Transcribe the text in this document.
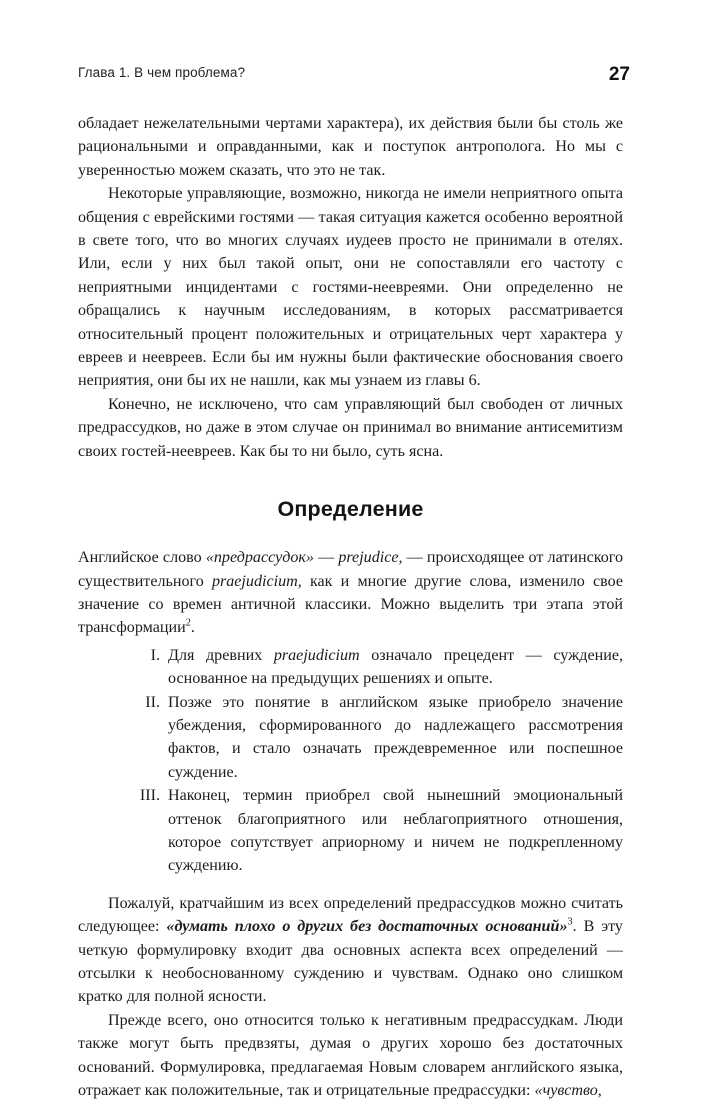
Глава 1. В чем проблема?	27

обладает нежелательными чертами характера), их действия были бы столь же рациональными и оправданными, как и поступок антрополога. Но мы с уверенностью можем сказать, что это не так.

Некоторые управляющие, возможно, никогда не имели неприятного опыта общения с еврейскими гостями — такая ситуация кажется особенно вероятной в свете того, что во многих случаях иудеев просто не принимали в отелях. Или, если у них был такой опыт, они не сопоставляли его частоту с неприятными инцидентами с гостями-неевреями. Они определенно не обращались к научным исследованиям, в которых рассматривается относительный процент положительных и отрицательных черт характера у евреев и неевреев. Если бы им нужны были фактические обоснования своего неприятия, они бы их не нашли, как мы узнаем из главы 6.

Конечно, не исключено, что сам управляющий был свободен от личных предрассудков, но даже в этом случае он принимал во внимание антисемитизм своих гостей-неевреев. Как бы то ни было, суть ясна.

Определение

Английское слово «предрассудок» — prejudice, — происходящее от латинского существительного praejudicium, как и многие другие слова, изменило свое значение со времен античной классики. Можно выделить три этапа этой трансформации$^2$.

I. Для древних praejudicium означало прецедент — суждение, основанное на предыдущих решениях и опыте.
II. Позже это понятие в английском языке приобрело значение убеждения, сформированного до надлежащего рассмотрения фактов, и стало означать преждевременное или поспешное суждение.
III. Наконец, термин приобрел свой нынешний эмоциональный оттенок благоприятного или неблагоприятного отношения, которое сопутствует априорному и ничем не подкрепленному суждению.

Пожалуй, кратчайшим из всех определений предрассудков можно считать следующее: «думать плохо о других без достаточных оснований»$^3$. В эту четкую формулировку входит два основных аспекта всех определений — отсылки к необоснованному суждению и чувствам. Однако оно слишком кратко для полной ясности.

Прежде всего, оно относится только к негативным предрассудкам. Люди также могут быть предвзяты, думая о других хорошо без достаточных оснований. Формулировка, предлагаемая Новым словарем английского языка, отражает как положительные, так и отрицательные предрассудки: «чувство,
